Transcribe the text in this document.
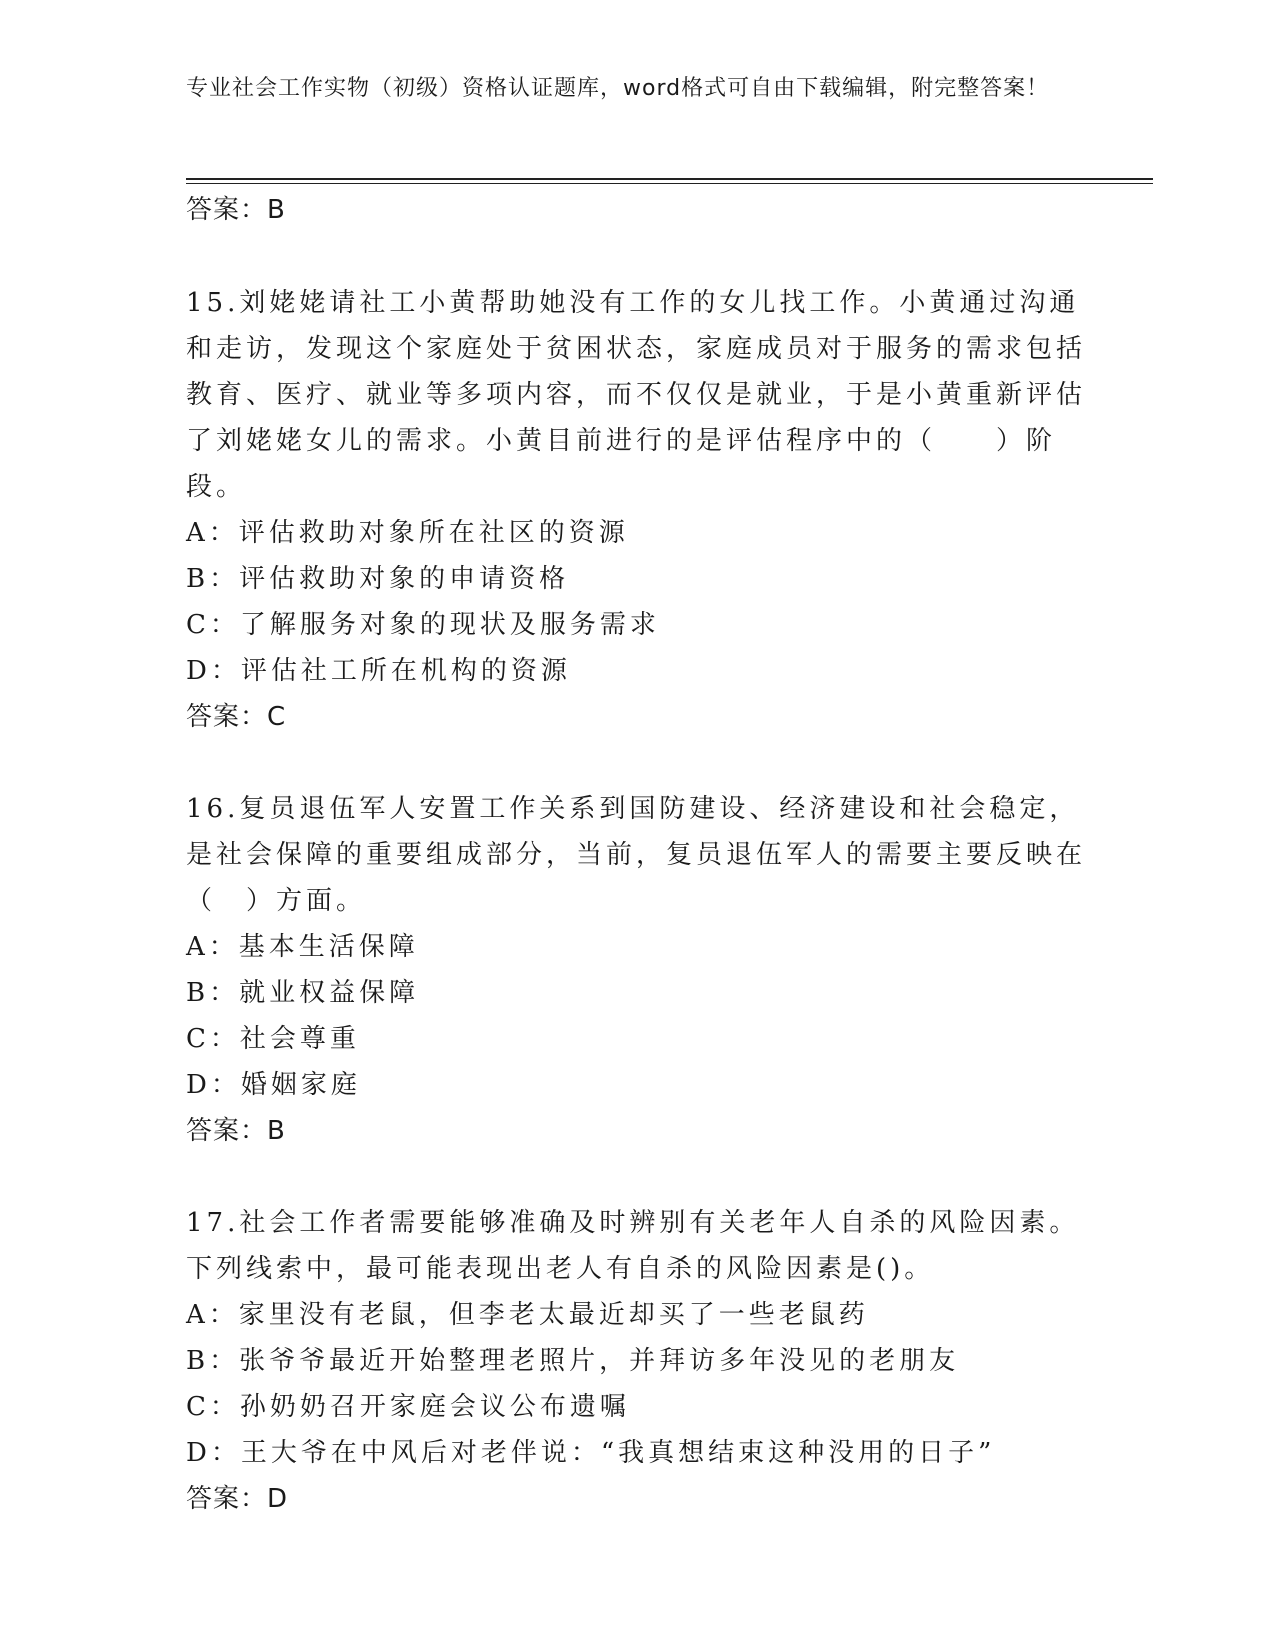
专业社会工作实物（初级）资格认证题库，word格式可自由下载编辑，附完整答案！
答案：B
15.刘姥姥请社工小黄帮助她没有工作的女儿找工作。小黄通过沟通和走访，发现这个家庭处于贫困状态，家庭成员对于服务的需求包括教育、医疗、就业等多项内容，而不仅仅是就业，于是小黄重新评估了刘姥姥女儿的需求。小黄目前进行的是评估程序中的（　　）阶段。
A：评估救助对象所在社区的资源
B：评估救助对象的申请资格
C：了解服务对象的现状及服务需求
D：评估社工所在机构的资源
答案：C
16.复员退伍军人安置工作关系到国防建设、经济建设和社会稳定，是社会保障的重要组成部分，当前，复员退伍军人的需要主要反映在（　）方面。
A：基本生活保障
B：就业权益保障
C：社会尊重
D：婚姻家庭
答案：B
17.社会工作者需要能够准确及时辨别有关老年人自杀的风险因素。下列线索中，最可能表现出老人有自杀的风险因素是()。
A：家里没有老鼠，但李老太最近却买了一些老鼠药
B：张爷爷最近开始整理老照片，并拜访多年没见的老朋友
C：孙奶奶召开家庭会议公布遗嘱
D：王大爷在中风后对老伴说：“我真想结束这种没用的日子”
答案：D
